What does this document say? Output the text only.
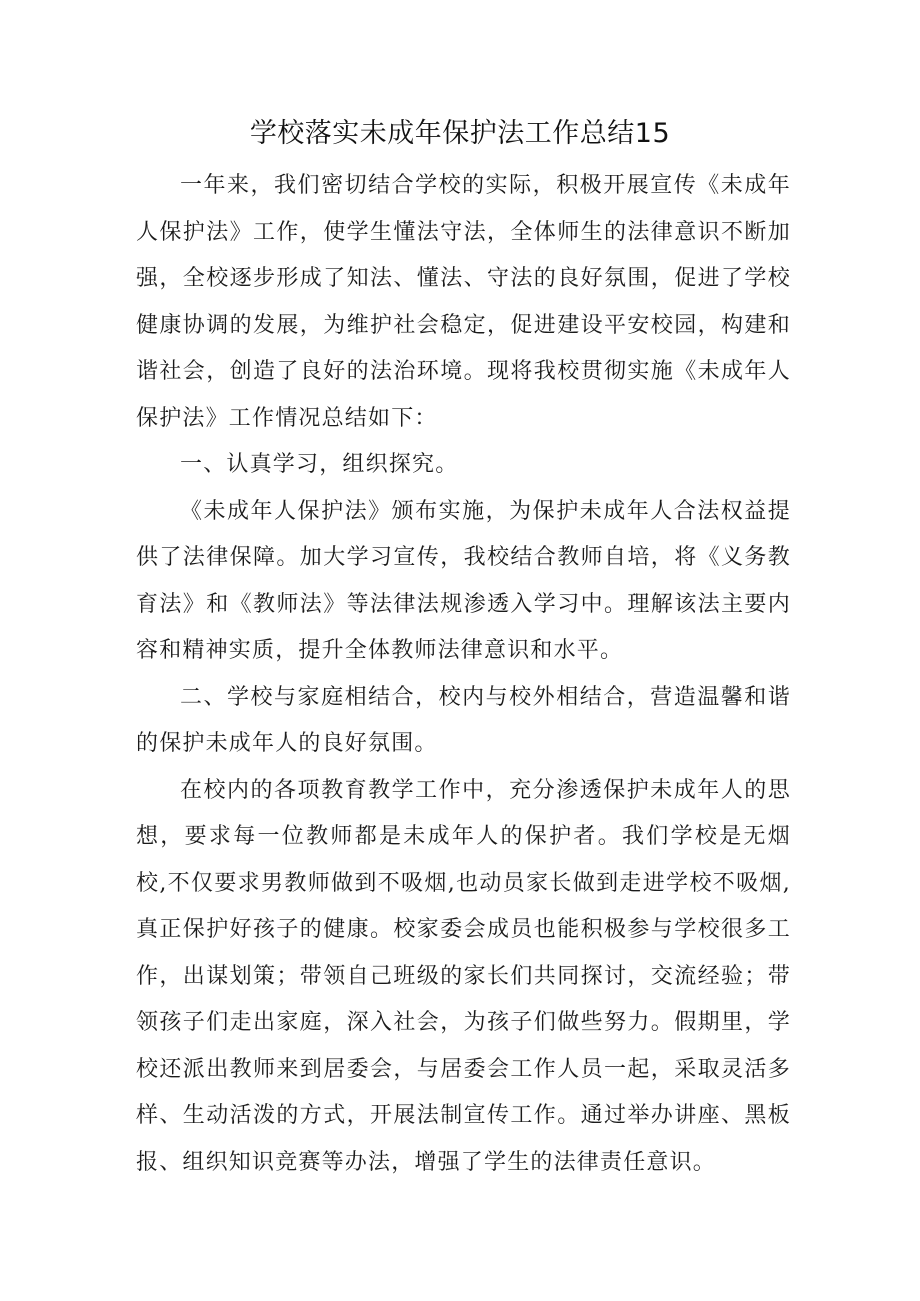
学校落实未成年保护法工作总结15

一年来，我们密切结合学校的实际，积极开展宣传《未成年人保护法》工作，使学生懂法守法，全体师生的法律意识不断加强，全校逐步形成了知法、懂法、守法的良好氛围，促进了学校健康协调的发展，为维护社会稳定，促进建设平安校园，构建和谐社会，创造了良好的法治环境。现将我校贯彻实施《未成年人保护法》工作情况总结如下：

一、认真学习，组织探究。

《未成年人保护法》颁布实施，为保护未成年人合法权益提供了法律保障。加大学习宣传，我校结合教师自培，将《义务教育法》和《教师法》等法律法规渗透入学习中。理解该法主要内容和精神实质，提升全体教师法律意识和水平。

二、学校与家庭相结合，校内与校外相结合，营造温馨和谐的保护未成年人的良好氛围。

在校内的各项教育教学工作中，充分渗透保护未成年人的思想，要求每一位教师都是未成年人的保护者。我们学校是无烟校,不仅要求男教师做到不吸烟,也动员家长做到走进学校不吸烟,真正保护好孩子的健康。校家委会成员也能积极参与学校很多工作，出谋划策；带领自己班级的家长们共同探讨，交流经验；带领孩子们走出家庭，深入社会，为孩子们做些努力。假期里，学校还派出教师来到居委会，与居委会工作人员一起，采取灵活多样、生动活泼的方式，开展法制宣传工作。通过举办讲座、黑板报、组织知识竞赛等办法，增强了学生的法律责任意识。
